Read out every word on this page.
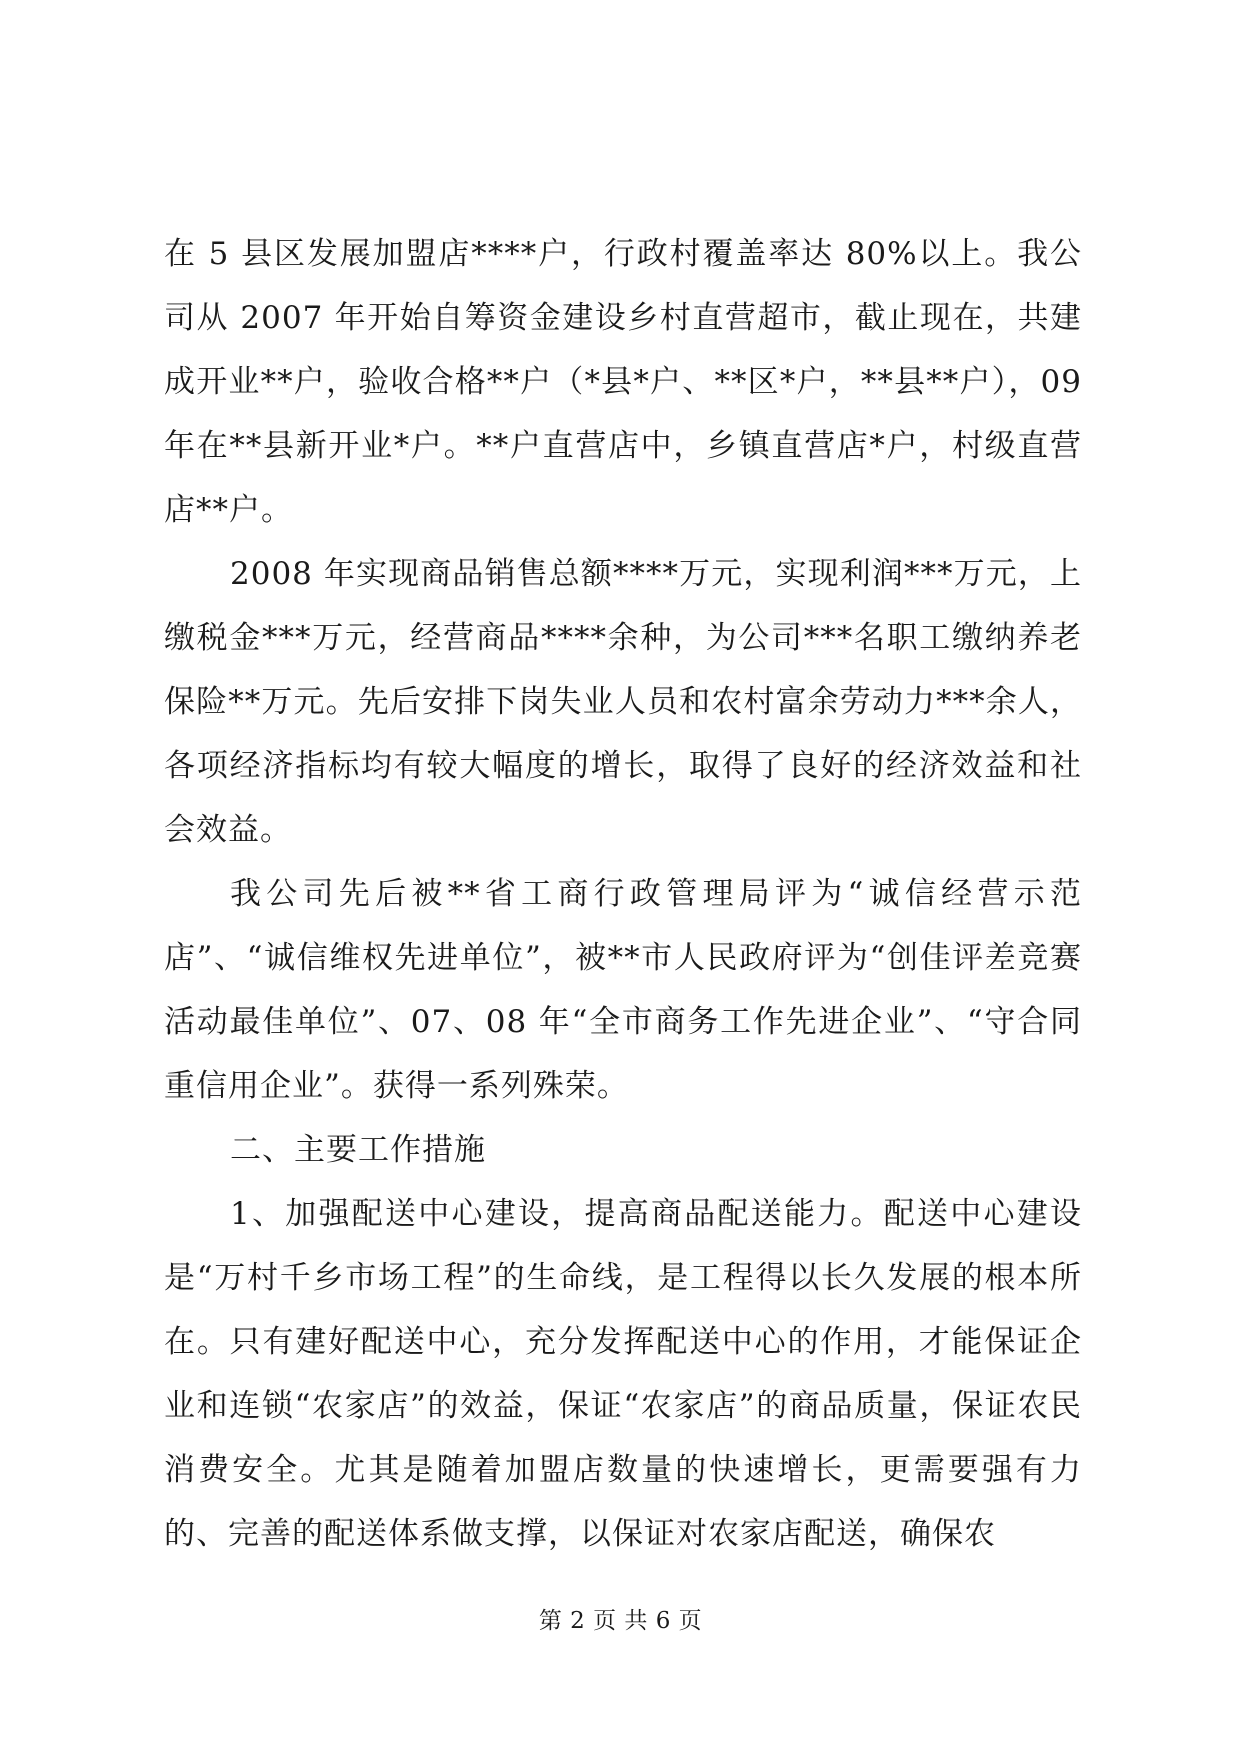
在 5 县区发展加盟店****户，行政村覆盖率达 80%以上。我公司从 2007 年开始自筹资金建设乡村直营超市，截止现在，共建成开业**户，验收合格**户（*县*户、**区*户，**县**户），09 年在**县新开业*户。**户直营店中，乡镇直营店*户，村级直营店**户。

2008 年实现商品销售总额****万元，实现利润***万元，上缴税金***万元，经营商品****余种，为公司***名职工缴纳养老保险**万元。先后安排下岗失业人员和农村富余劳动力***余人，各项经济指标均有较大幅度的增长，取得了良好的经济效益和社会效益。

我公司先后被**省工商行政管理局评为“诚信经营示范店”、“诚信维权先进单位”，被**市人民政府评为“创佳评差竞赛活动最佳单位”、07、08 年“全市商务工作先进企业”、“守合同重信用企业”。获得一系列殊荣。

二、主要工作措施

1、加强配送中心建设，提高商品配送能力。配送中心建设是“万村千乡市场工程”的生命线，是工程得以长久发展的根本所在。只有建好配送中心，充分发挥配送中心的作用，才能保证企业和连锁“农家店”的效益，保证“农家店”的商品质量，保证农民消费安全。尤其是随着加盟店数量的快速增长，更需要强有力的、完善的配送体系做支撑，以保证对农家店配送，确保农

第 2 页 共 6 页
